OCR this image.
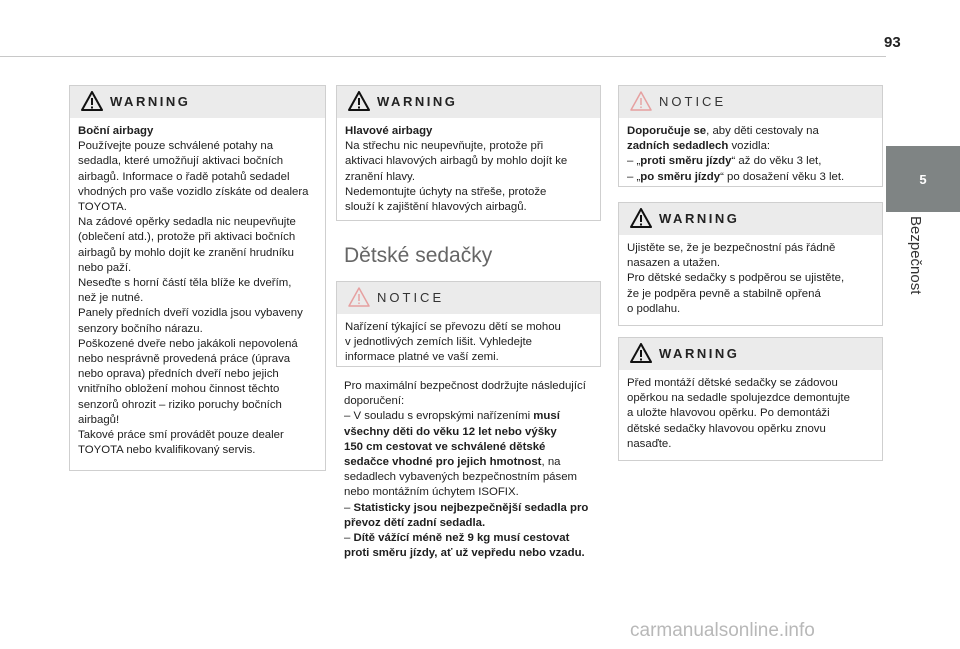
93
5
Bezpečnost
WARNING

Boční airbagy

Používejte pouze schválené potahy na

sedadla, které umožňují aktivaci bočních

airbagů. Informace o řadě potahů sedadel

vhodných pro vaše vozidlo získáte od dealera

TOYOTA.

Na zádové opěrky sedadla nic neupevňujte

(oblečení atd.), protože při aktivaci bočních

airbagů by mohlo dojít ke zranění hrudníku

nebo paží.

Neseďte s horní částí těla blíže ke dveřím,

než je nutné.

Panely předních dveří vozidla jsou vybaveny

senzory bočního nárazu.

Poškozené dveře nebo jakákoli nepovolená

nebo nesprávně provedená práce (úprava

nebo oprava) předních dveří nebo jejich

vnitřního obložení mohou činnost těchto

senzorů ohrozit – riziko poruchy bočních

airbagů!

Takové práce smí provádět pouze dealer

TOYOTA nebo kvalifikovaný servis.

WARNING

Hlavové airbagy

Na střechu nic neupevňujte, protože při

aktivaci hlavových airbagů by mohlo dojít ke

zranění hlavy.

Nedemontujte úchyty na střeše, protože

slouží k zajištění hlavových airbagů.

Dětské sedačky
NOTICE

Nařízení týkající se převozu dětí se mohou

v jednotlivých zemích lišit. Vyhledejte

informace platné ve vaší zemi.

Pro maximální bezpečnost dodržujte následující

doporučení:

– V souladu s evropskými nařízeními musí

všechny děti do věku 12 let nebo výšky

150 cm cestovat ve schválené dětské

sedačce vhodné pro jejich hmotnost, na

sedadlech vybavených bezpečnostním pásem

nebo montážním úchytem ISOFIX.

– Statisticky jsou nejbezpečnější sedadla pro

převoz dětí zadní sedadla.

– Dítě vážící méně než 9 kg musí cestovat

proti směru jízdy, ať už vepředu nebo vzadu.

NOTICE

Doporučuje se, aby děti cestovaly na

zadních sedadlech vozidla:

– „proti směru jízdy“ až do věku 3 let,

– „po směru jízdy“ po dosažení věku 3 let.

WARNING

Ujistěte se, že je bezpečnostní pás řádně

nasazen a utažen.

Pro dětské sedačky s podpěrou se ujistěte,

že je podpěra pevně a stabilně opřená

o podlahu.

WARNING

Před montáží dětské sedačky se zádovou

opěrkou na sedadle spolujezdce demontujte

a uložte hlavovou opěrku. Po demontáži

dětské sedačky hlavovou opěrku znovu

nasaďte.

carmanualsonline.info
